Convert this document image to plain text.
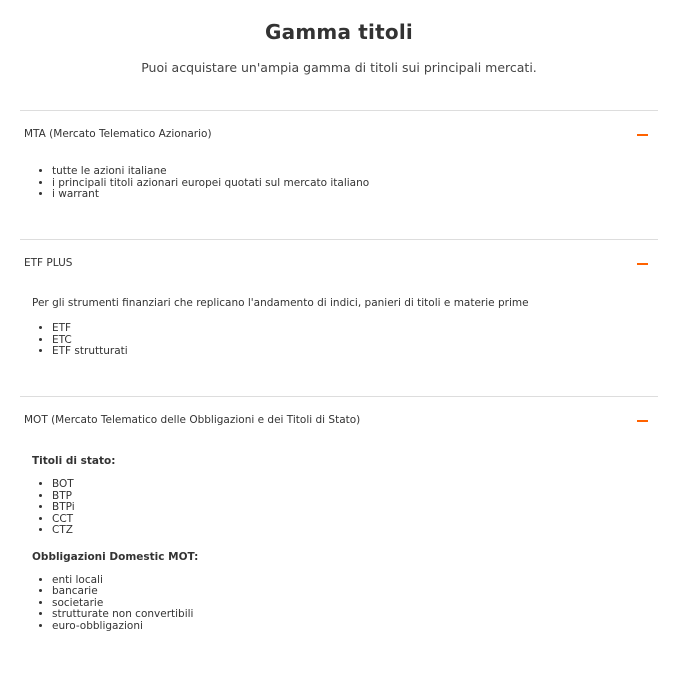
Gamma titoli
Puoi acquistare un'ampia gamma di titoli sui principali mercati.
MTA (Mercato Telematico Azionario)
• tutte le azioni italiane
• i principali titoli azionari europei quotati sul mercato italiano
• i warrant
ETF PLUS

Per gli strumenti finanziari che replicano l'andamento di indici, panieri di titoli e materie prime

• ETF
• ETC
• ETF strutturati
MOT (Mercato Telematico delle Obbligazioni e dei Titoli di Stato)

Titoli di stato:

• BOT
• BTP
• BTPi
• CCT
• CTZ

Obbligazioni Domestic MOT:

• enti locali
• bancarie
• societarie
• strutturate non convertibili
• euro-obbligazioni
